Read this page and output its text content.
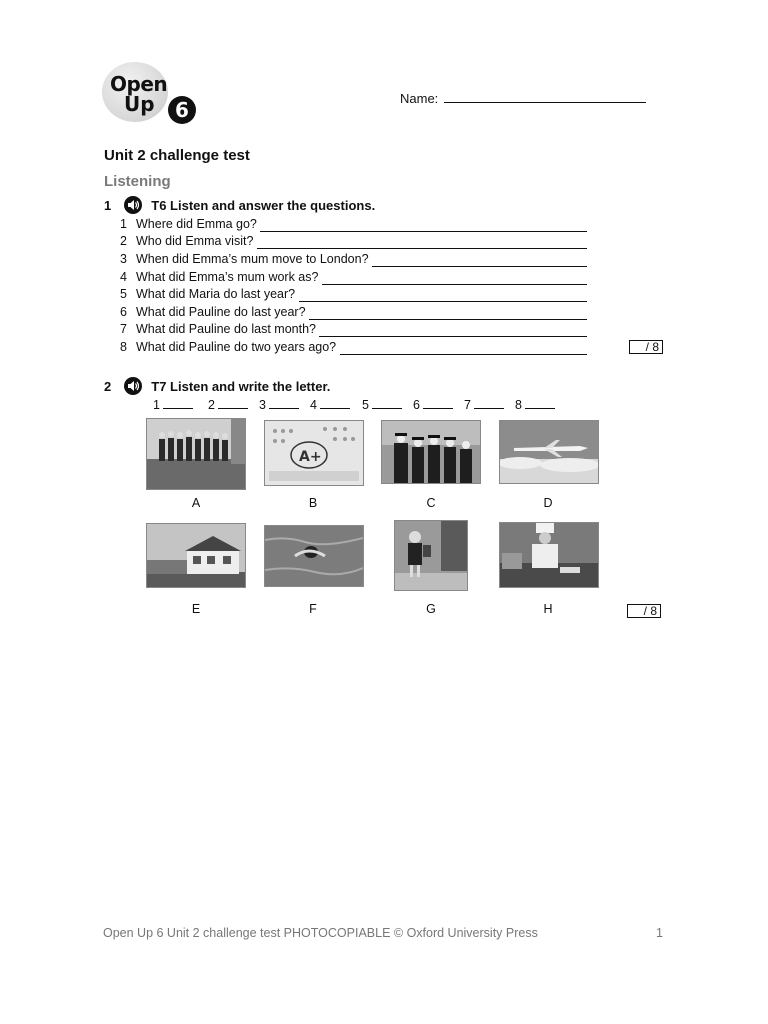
Open
Up	6	Name:
Unit 2 challenge test
Listening
1	T6 Listen and answer the questions.
1 Where did Emma go?
2 Who did Emma visit?
3 When did Emma’s mum move to London?
4 What did Emma’s mum work as?
5 What did Maria do last year?
6 What did Pauline do last year?
7 What did Pauline do last month?
8 What did Pauline do two years ago?	/ 8
2	T7 Listen and write the letter.
1	2	3	4	5	6	7	8
A+
A	B	C	D
E	F	G	H	/ 8
Open Up 6 Unit 2 challenge test PHOTOCOPIABLE © Oxford University Press	1
